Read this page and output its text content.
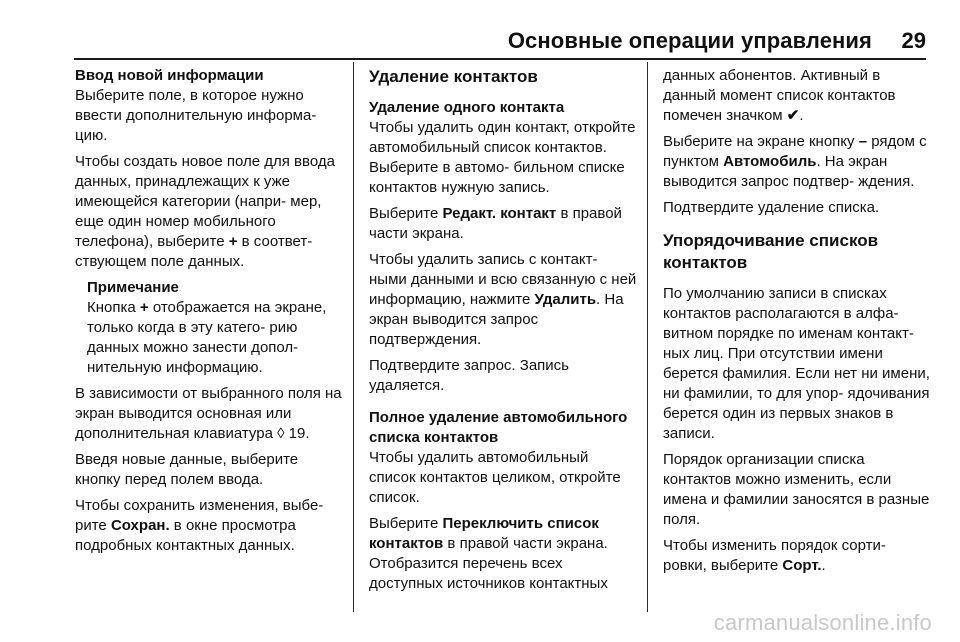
Основные операции управления 29

Ввод новой информации

Выберите поле, в которое нужно ввести дополнительную информа- цию.

Чтобы создать новое поле для ввода данных, принадлежащих к уже имеющейся категории (напри- мер, еще один номер мобильного телефона), выберите + в соответ- ствующем поле данных.

Примечание

Кнопка + отображается на экране, только когда в эту катего- рию данных можно занести допол- нительную информацию.

В зависимости от выбранного поля на экран выводится основная или дополнительная клавиатура ◊ 19.

Введя новые данные, выберите кнопку перед полем ввода.

Чтобы сохранить изменения, выбе- рите Сохран. в окне просмотра подробных контактных данных.

Удаление контактов

Удаление одного контакта

Чтобы удалить один контакт, откройте автомобильный список контактов. Выберите в автомо- бильном списке контактов нужную запись.

Выберите Редакт. контакт в правой части экрана.

Чтобы удалить запись с контакт- ными данными и всю связанную с ней информацию, нажмите Удалить. На экран выводится запрос подтверждения.

Подтвердите запрос. Запись удаляется.

Полное удаление автомобильного списка контактов

Чтобы удалить автомобильный список контактов целиком, откройте список.

Выберите Переключить список контактов в правой части экрана. Отобразится перечень всех доступных источников контактных

данных абонентов. Активный в данный момент список контактов помечен значком ✔.

Выберите на экране кнопку – рядом с пунктом Автомобиль. На экран выводится запрос подтвер- ждения.

Подтвердите удаление списка.

Упорядочивание списков контактов

По умолчанию записи в списках контактов располагаются в алфа- витном порядке по именам контакт- ных лиц. При отсутствии имени берется фамилия. Если нет ни имени, ни фамилии, то для упор- ядочивания берется один из первых знаков в записи.

Порядок организации списка контактов можно изменить, если имена и фамилии заносятся в разные поля.

Чтобы изменить порядок сорти- ровки, выберите Сорт..

carmanualsonline.info
